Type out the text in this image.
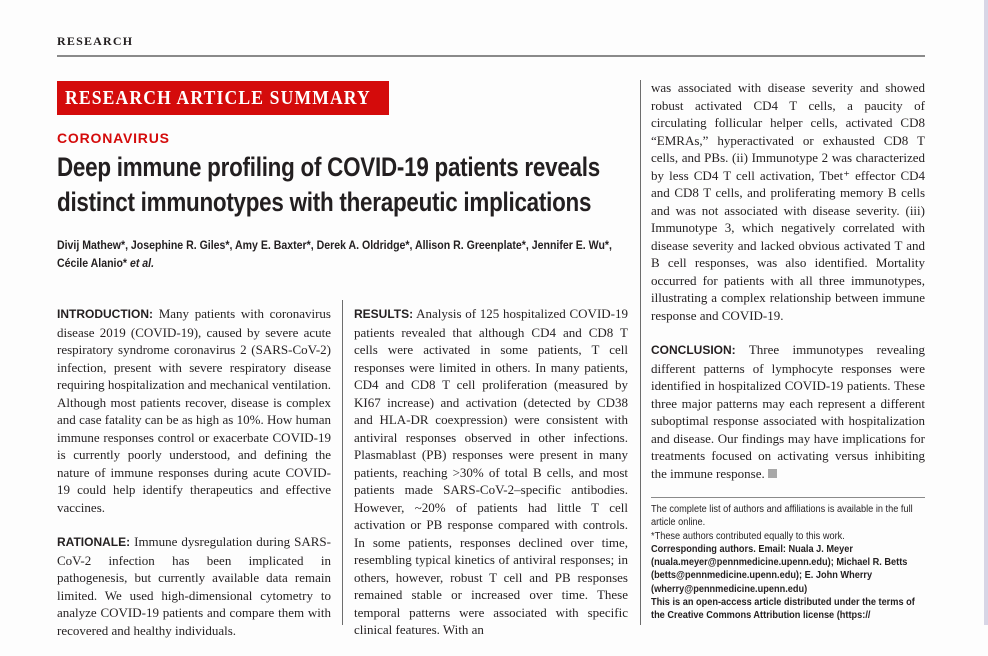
RESEARCH
RESEARCH ARTICLE SUMMARY
CORONAVIRUS
Deep immune profiling of COVID-19 patients reveals distinct immunotypes with therapeutic implications
Divij Mathew*, Josephine R. Giles*, Amy E. Baxter*, Derek A. Oldridge*, Allison R. Greenplate*, Jennifer E. Wu*, Cécile Alanio* et al.

INTRODUCTION: Many patients with coronavirus disease 2019 (COVID-19), caused by severe acute respiratory syndrome coronavirus 2 (SARS-CoV-2) infection, present with severe respiratory disease requiring hospitalization and mechanical ventilation. Although most patients recover, disease is complex and case fatality can be as high as 10%. How human immune responses control or exacerbate COVID-19 is currently poorly understood, and defining the nature of immune responses during acute COVID-19 could help identify therapeutics and effective vaccines.

RATIONALE: Immune dysregulation during SARS-CoV-2 infection has been implicated in pathogenesis, but currently available data remain limited. We used high-dimensional cytometry to analyze COVID-19 patients and compare them with recovered and healthy individuals.

RESULTS: Analysis of 125 hospitalized COVID-19 patients revealed that although CD4 and CD8 T cells were activated in some patients, T cell responses were limited in others. In many patients, CD4 and CD8 T cell proliferation (measured by KI67 increase) and activation (detected by CD38 and HLA-DR coexpression) were consistent with antiviral responses observed in other infections. Plasmablast (PB) responses were present in many patients, reaching >30% of total B cells, and most patients made SARS-CoV-2–specific antibodies. However, ~20% of patients had little T cell activation or PB response compared with controls. In some patients, responses declined over time, resembling typical kinetics of antiviral responses; in others, however, robust T cell and PB responses remained stable or increased over time. These temporal patterns were associated with specific clinical features. With an

was associated with disease severity and showed robust activated CD4 T cells, a paucity of circulating follicular helper cells, activated CD8 “EMRAs,” hyperactivated or exhausted CD8 T cells, and PBs. (ii) Immunotype 2 was characterized by less CD4 T cell activation, Tbet⁺ effector CD4 and CD8 T cells, and proliferating memory B cells and was not associated with disease severity. (iii) Immunotype 3, which negatively correlated with disease severity and lacked obvious activated T and B cell responses, was also identified. Mortality occurred for patients with all three immunotypes, illustrating a complex relationship between immune response and COVID-19.

CONCLUSION: Three immunotypes revealing different patterns of lymphocyte responses were identified in hospitalized COVID-19 patients. These three major patterns may each represent a different suboptimal response associated with hospitalization and disease. Our findings may have implications for treatments focused on activating versus inhibiting the immune response.

The complete list of authors and affiliations is available in the full article online.
*These authors contributed equally to this work.
Corresponding authors. Email: Nuala J. Meyer (nuala.meyer@pennmedicine.upenn.edu); Michael R. Betts (betts@pennmedicine.upenn.edu); E. John Wherry (wherry@pennmedicine.upenn.edu)
This is an open-access article distributed under the terms of the Creative Commons Attribution license (https://
